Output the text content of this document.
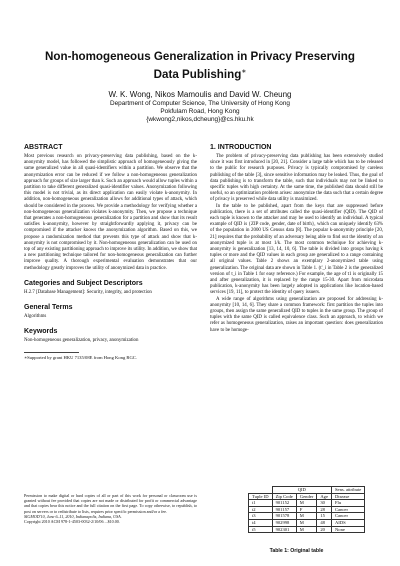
Non-homogeneous Generalization in Privacy Preserving
Data Publishing∗
W. K. Wong, Nikos Mamoulis and David W. Cheung
Department of Computer Science, The University of Hong Kong
Pokfulam Road, Hong Kong
{wkwong2,nikos,dcheung}@cs.hku.hk
ABSTRACT

Most previous research on privacy-preserving data publishing, based on the k-anonymity model, has followed the simplistic approach of homogeneously giving the same generalized value in all quasi-identifiers within a partition. We observe that the anonymization error can be reduced if we follow a non-homogeneous generalization approach for groups of size larger than k. Such an approach would allow tuples within a partition to take different generalized quasi-identifier values. Anonymization following this model is not trivial, as its direct application can easily violate k-anonymity. In addition, non-homogeneous generalization allows for additional types of attack, which should be considered in the process. We provide a methodology for verifying whether a non-homogeneous generalization violates k-anonymity. Then, we propose a technique that generates a non-homogeneous generalization for a partition and show that its result satisfies k-anonymity, however by straightforwardly applying it, privacy can be compromised if the attacker knows the anonymization algorithm. Based on this, we propose a randomization method that prevents this type of attack and show that k-anonymity is not compromised by it. Non-homogeneous generalization can be used on top of any existing partitioning approach to improve its utility. In addition, we show that a new partitioning technique tailored for non-homogeneous generalization can further improve quality. A thorough experimental evaluation demonstrates that our methodology greatly improves the utility of anonymized data in practice.

Categories and Subject Descriptors

H.2.7 [Database Management]: Security, integrity, and protection

General Terms

Algorithms

Keywords

Non-homogeneous generalization, privacy, anonymization

∗Supported by grant HKU 7135/08E from Hong Kong RGC.
Permission to make digital or hard copies of all or part of this work for personal or classroom use is granted without fee provided that copies are not made or distributed for profit or commercial advantage and that copies bear this notice and the full citation on the first page. To copy otherwise, to republish, to post on servers or to redistribute to lists, requires prior specific permission and/or a fee.
SIGMOD'10, June 6–11, 2010, Indianapolis, Indiana, USA.
Copyright 2010 ACM 978-1-4503-0032-2/10/06 ...$10.00.
1. INTRODUCTION

The problem of privacy-preserving data publishing has been extensively studied since it was first introduced in [20, 21]. Consider a large table which has to be released to the public for research purposes. Privacy is typically compromised by careless publishing of the table [3], since sensitive information may be leaked. Thus, the goal of data publishing is to transform the table, such that individuals may not be linked to specific tuples with high certainty. At the same time, the published data should still be useful, so an optimization problem arises: anonymize the data such that a certain degree of privacy is preserved while data utility is maximized.

In the table to be published, apart from the keys that are suppressed before publication, there is a set of attributes called the quasi-identifier (QID). The QID of each tuple is known to the attacker and may be used to identify an individual. A typical example of QID is {ZIP code, gender, date of birth}, which can uniquely identify 63% of the population in 2000 US Census data [8]. The popular k-anonymity principle [20, 21] requires that the probability of an adversary being able to find out the identity of an anonymized tuple is at most 1/k. The most common technique for achieving k-anonymity is generalization [13, 14, 10, 6]. The table is divided into groups having k tuples or more and the QID values in each group are generalized to a range containing all original values. Table 2 shows an exemplary 2-anonymized table using generalization. The original data are shown in Table 1. (t'_i in Table 2 is the generalized version of t_i in Table 1 for easy reference.) For example, the age of t1 is originally 15 and after generalization, it is replaced by the range 15-30. Apart from microdata publication, k-anonymity has been largely adopted in applications like location-based services [19, 11], to protect the identity of query issuers.

A wide range of algorithms using generalization are proposed for addressing k-anonymity [10, 14, 6]. They share a common framework: first partition the tuples into groups, then assign the same generalized QID to tuples in the same group. The group of tuples with the same QID is called equivalence class. Such an approach, to which we refer as homogeneous generalization, raises an important question: does generalization have to be homoge-

	QID			Sens. attribute
Tuple ID	Zip Code	Gender	Age	Disease
t1	901152	M	30	Flu
t2	901157	F	28	Cancer
t3	901578	M	15	Cancer
t4	902998	M	48	AIDS
t5	902301	M	20	None
Table 1: Original table
